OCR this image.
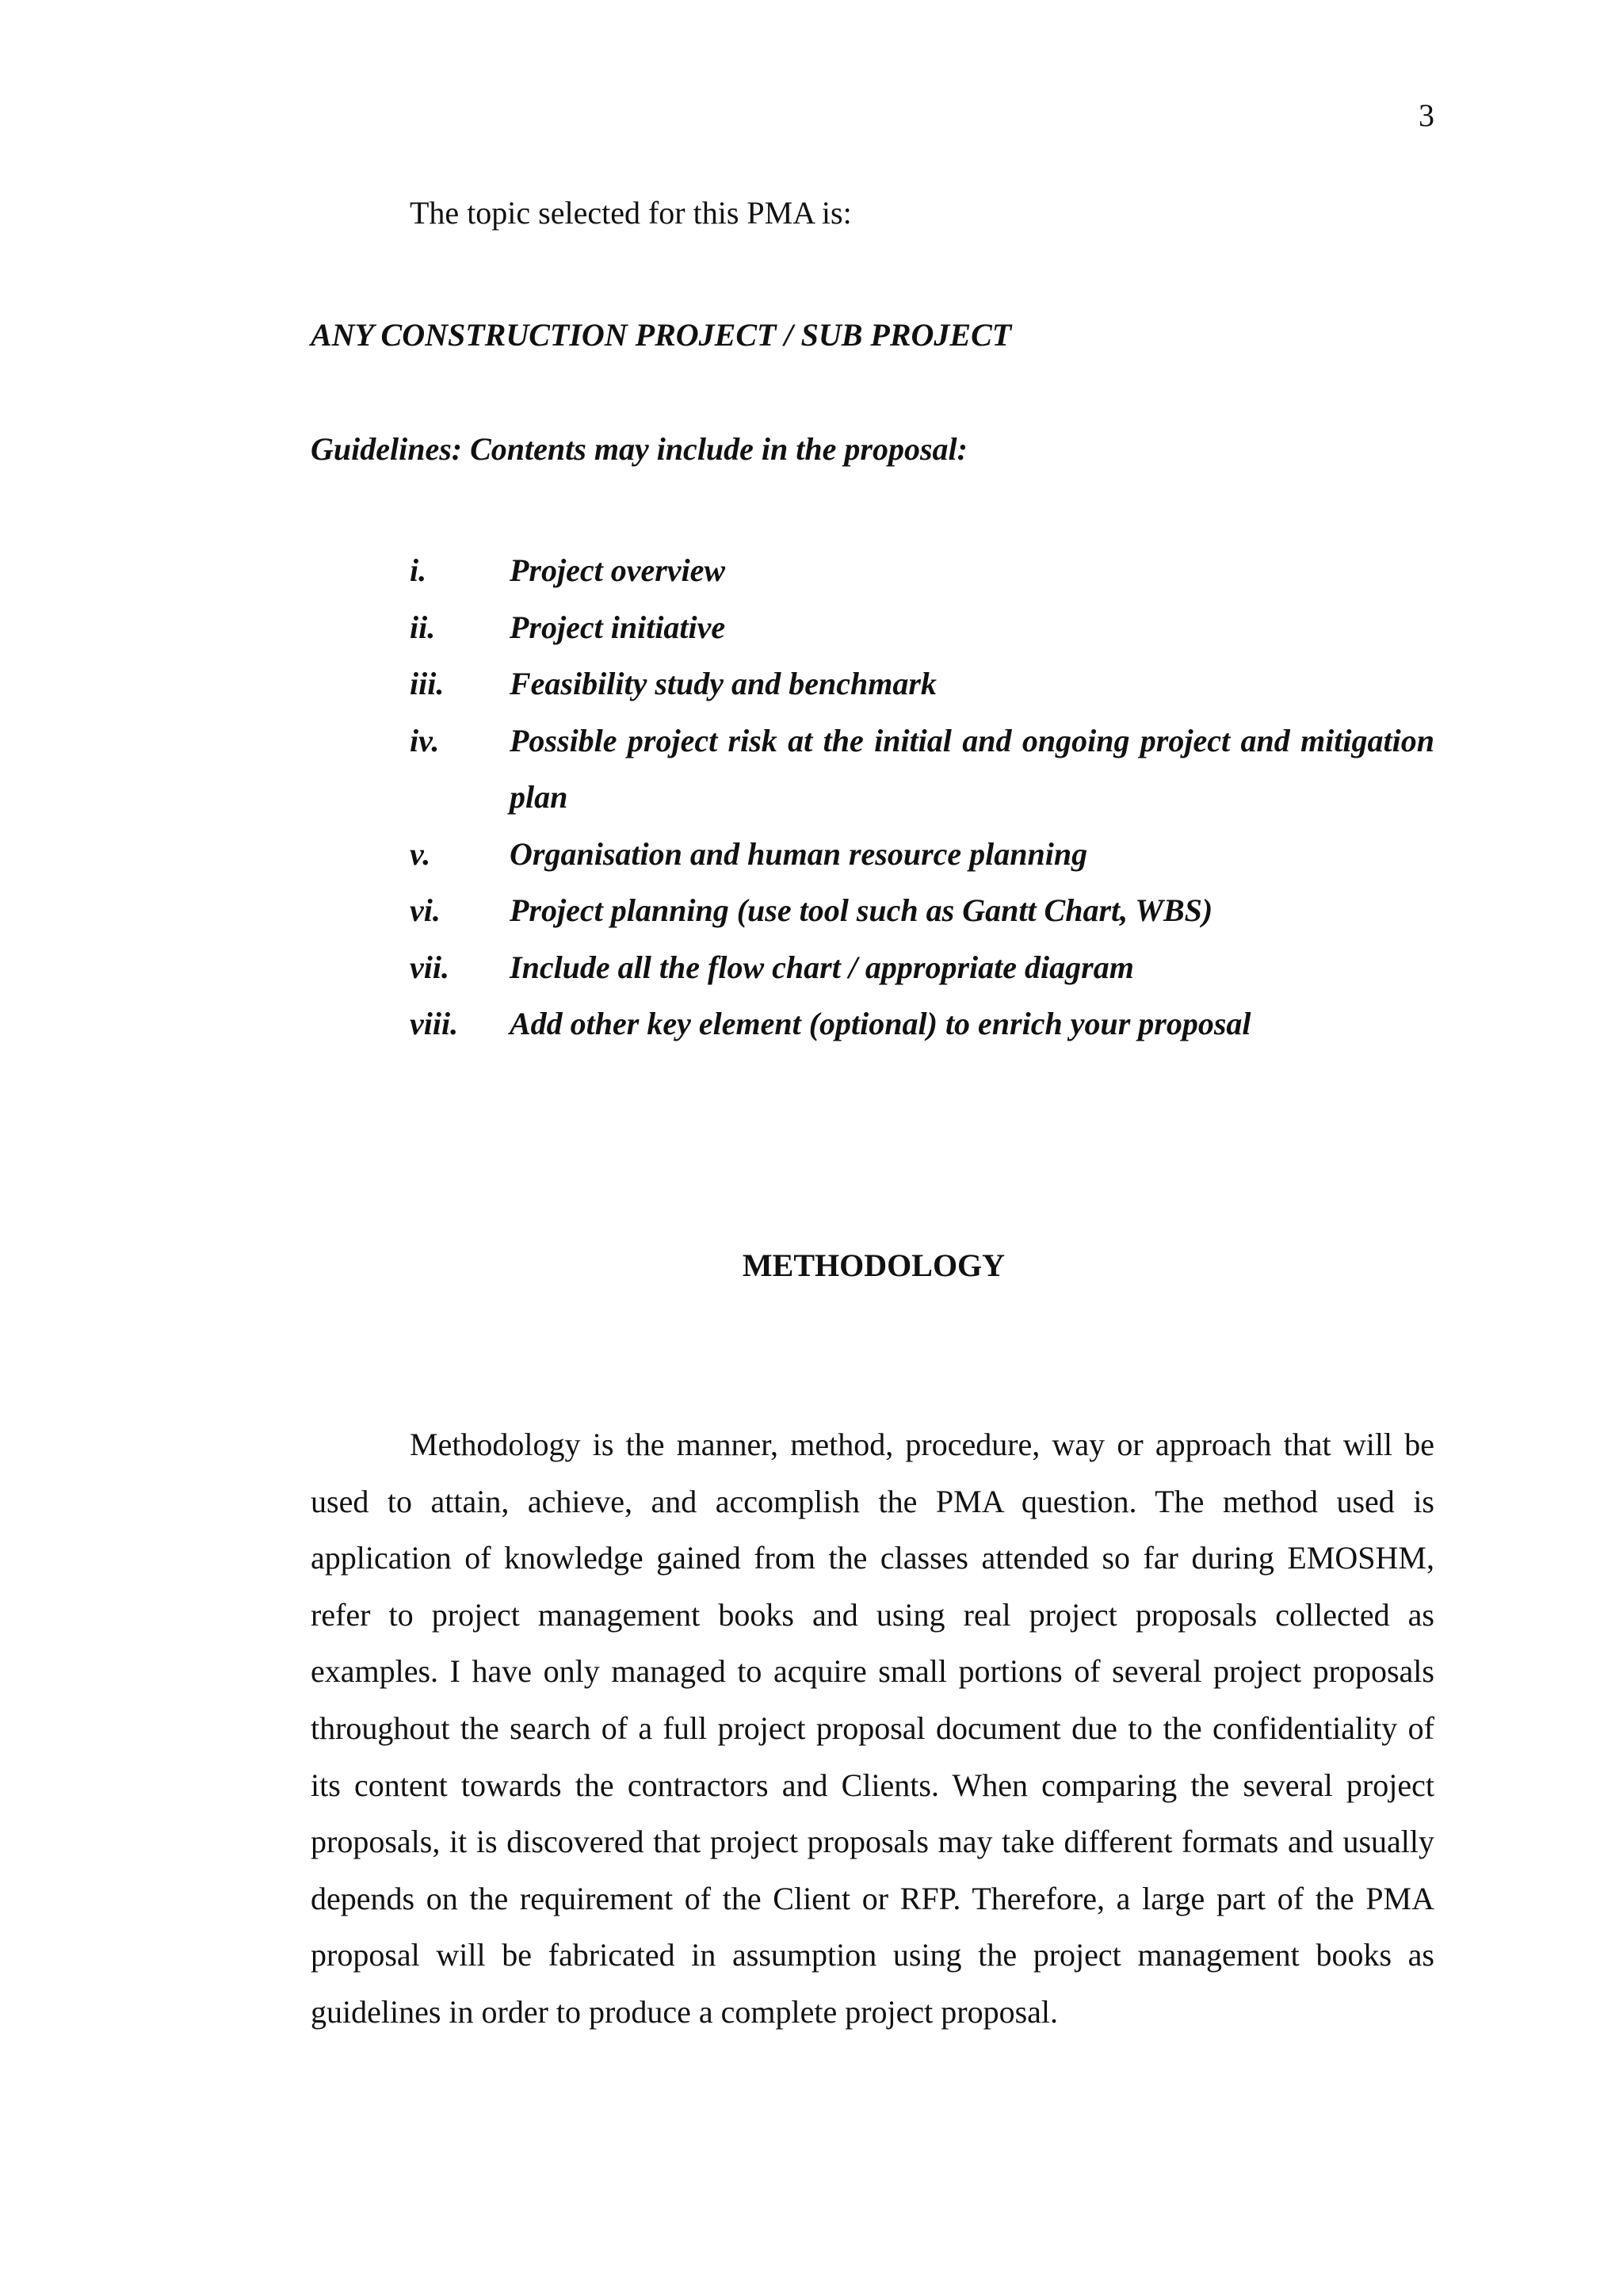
3

The topic selected for this PMA is:

ANY CONSTRUCTION PROJECT / SUB PROJECT

Guidelines: Contents may include in the proposal:

i.	Project overview
ii.	Project initiative
iii.	Feasibility study and benchmark
iv.	Possible project risk at the initial and ongoing project and mitigation plan
v.	Organisation and human resource planning
vi.	Project planning (use tool such as Gantt Chart, WBS)
vii.	Include all the flow chart / appropriate diagram
viii.	Add other key element (optional) to enrich your proposal
METHODOLOGY

Methodology is the manner, method, procedure, way or approach that will be used to attain, achieve, and accomplish the PMA question. The method used is application of knowledge gained from the classes attended so far during EMOSHM, refer to project management books and using real project proposals collected as examples. I have only managed to acquire small portions of several project proposals throughout the search of a full project proposal document due to the confidentiality of its content towards the contractors and Clients. When comparing the several project proposals, it is discovered that project proposals may take different formats and usually depends on the requirement of the Client or RFP. Therefore, a large part of the PMA proposal will be fabricated in assumption using the project management books as guidelines in order to produce a complete project proposal.
